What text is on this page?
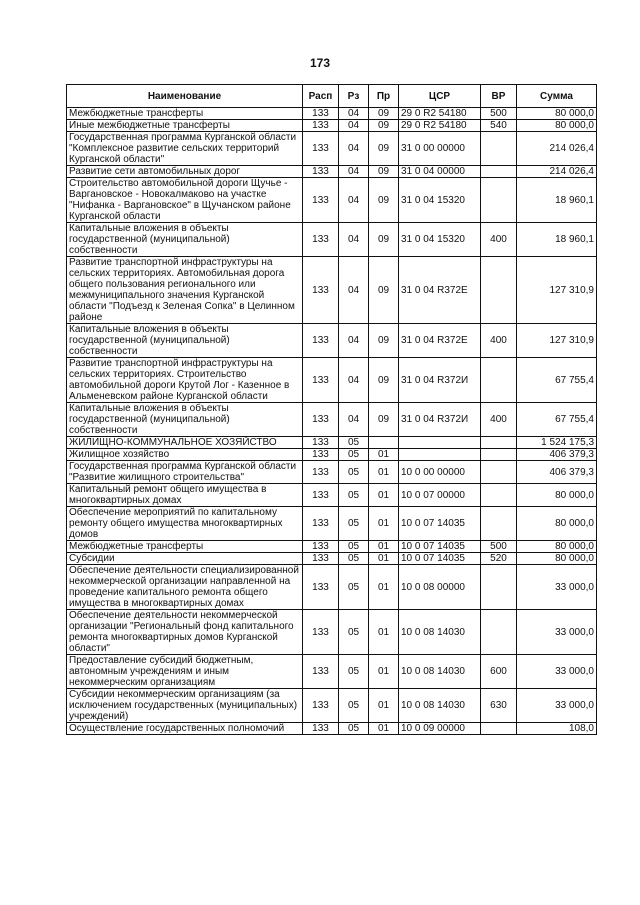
173
Наименование	Расп	Рз	Пр	ЦСР	ВР	Сумма
Межбюджетные трансферты	133	04	09	29 0 R2 54180	500	80 000,0
Иные межбюджетные трансферты	133	04	09	29 0 R2 54180	540	80 000,0
Государственная программа Курганской области "Комплексное развитие сельских территорий Курганской области"	133	04	09	31 0 00 00000		214 026,4
Развитие сети автомобильных дорог	133	04	09	31 0 04 00000		214 026,4
Строительство автомобильной дороги Щучье - Варгановское - Новокалмаково на участке "Нифанка - Варгановское" в Щучанском районе Курганской области	133	04	09	31 0 04 15320		18 960,1
Капитальные вложения в объекты государственной (муниципальной) собственности	133	04	09	31 0 04 15320	400	18 960,1
Развитие транспортной инфраструктуры на сельских территориях. Автомобильная дорога общего пользования регионального или межмуниципального значения Курганской области "Подъезд к Зеленая Сопка" в Целинном районе	133	04	09	31 0 04 R372E		127 310,9
Капитальные вложения в объекты государственной (муниципальной) собственности	133	04	09	31 0 04 R372E	400	127 310,9
Развитие транспортной инфраструктуры на сельских территориях. Строительство автомобильной дороги Крутой Лог - Казенное в Альменевском районе Курганской области	133	04	09	31 0 04 R372И		67 755,4
Капитальные вложения в объекты государственной (муниципальной) собственности	133	04	09	31 0 04 R372И	400	67 755,4
ЖИЛИЩНО-КОММУНАЛЬНОЕ ХОЗЯЙСТВО	133	05				1 524 175,3
Жилищное хозяйство	133	05	01			406 379,3
Государственная программа Курганской области "Развитие жилищного строительства"	133	05	01	10 0 00 00000		406 379,3
Капитальный ремонт общего имущества в многоквартирных домах	133	05	01	10 0 07 00000		80 000,0
Обеспечение мероприятий по капитальному ремонту общего имущества многоквартирных домов	133	05	01	10 0 07 14035		80 000,0
Межбюджетные трансферты	133	05	01	10 0 07 14035	500	80 000,0
Субсидии	133	05	01	10 0 07 14035	520	80 000,0
Обеспечение деятельности специализированной некоммерческой организации направленной на проведение капитального ремонта общего имущества в многоквартирных домах	133	05	01	10 0 08 00000		33 000,0
Обеспечение деятельности некоммерческой организации "Региональный фонд капитального ремонта многоквартирных домов Курганской области"	133	05	01	10 0 08 14030		33 000,0
Предоставление субсидий бюджетным, автономным учреждениям и иным некоммерческим организациям	133	05	01	10 0 08 14030	600	33 000,0
Субсидии некоммерческим организациям (за исключением государственных (муниципальных) учреждений)	133	05	01	10 0 08 14030	630	33 000,0
Осуществление государственных полномочий	133	05	01	10 0 09 00000		108,0
